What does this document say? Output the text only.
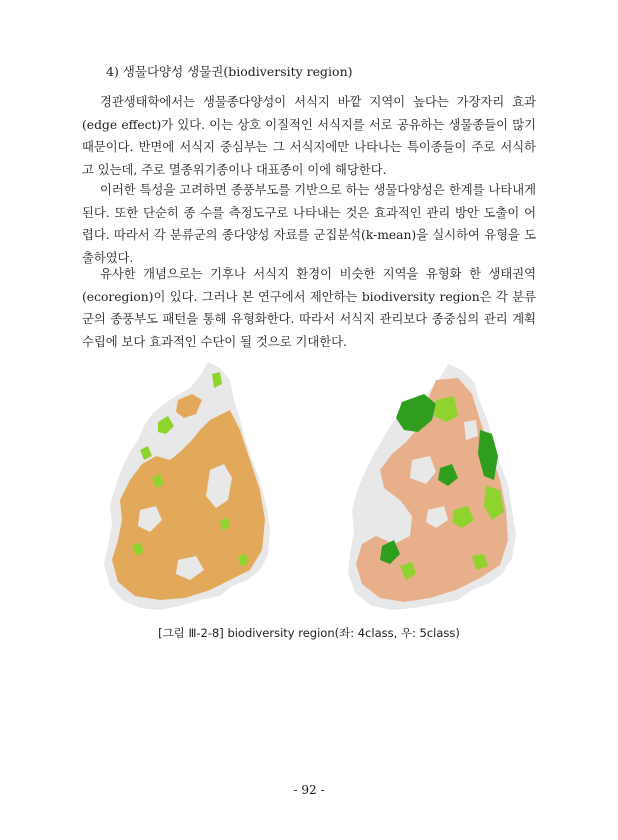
4) 생물다양성 생물권(biodiversity region)

경관생태학에서는 생물종다양성이 서식지 바깥 지역이 높다는 가장자리 효과(edge effect)가 있다. 이는 상호 이질적인 서식지를 서로 공유하는 생물종들이 많기 때문이다. 반면에 서식지 중심부는 그 서식지에만 나타나는 특이종들이 주로 서식하고 있는데, 주로 멸종위기종이나 대표종이 이에 해당한다.

이러한 특성을 고려하면 종풍부도를 기반으로 하는 생물다양성은 한계를 나타내게 된다. 또한 단순히 종 수를 측정도구로 나타내는 것은 효과적인 관리 방안 도출이 어렵다. 따라서 각 분류군의 종다양성 자료를 군집분석(k-mean)을 실시하여 유형을 도출하였다.

유사한 개념으로는 기후나 서식지 환경이 비슷한 지역을 유형화 한 생태권역(ecoregion)이 있다. 그러나 본 연구에서 제안하는 biodiversity region은 각 분류군의 종풍부도 패턴을 통해 유형화한다. 따라서 서식지 관리보다 종중심의 관리 계획 수립에 보다 효과적인 수단이 될 것으로 기대한다.

[그림 Ⅲ-2-8] biodiversity region(좌: 4class, 우: 5class)
- 92 -
